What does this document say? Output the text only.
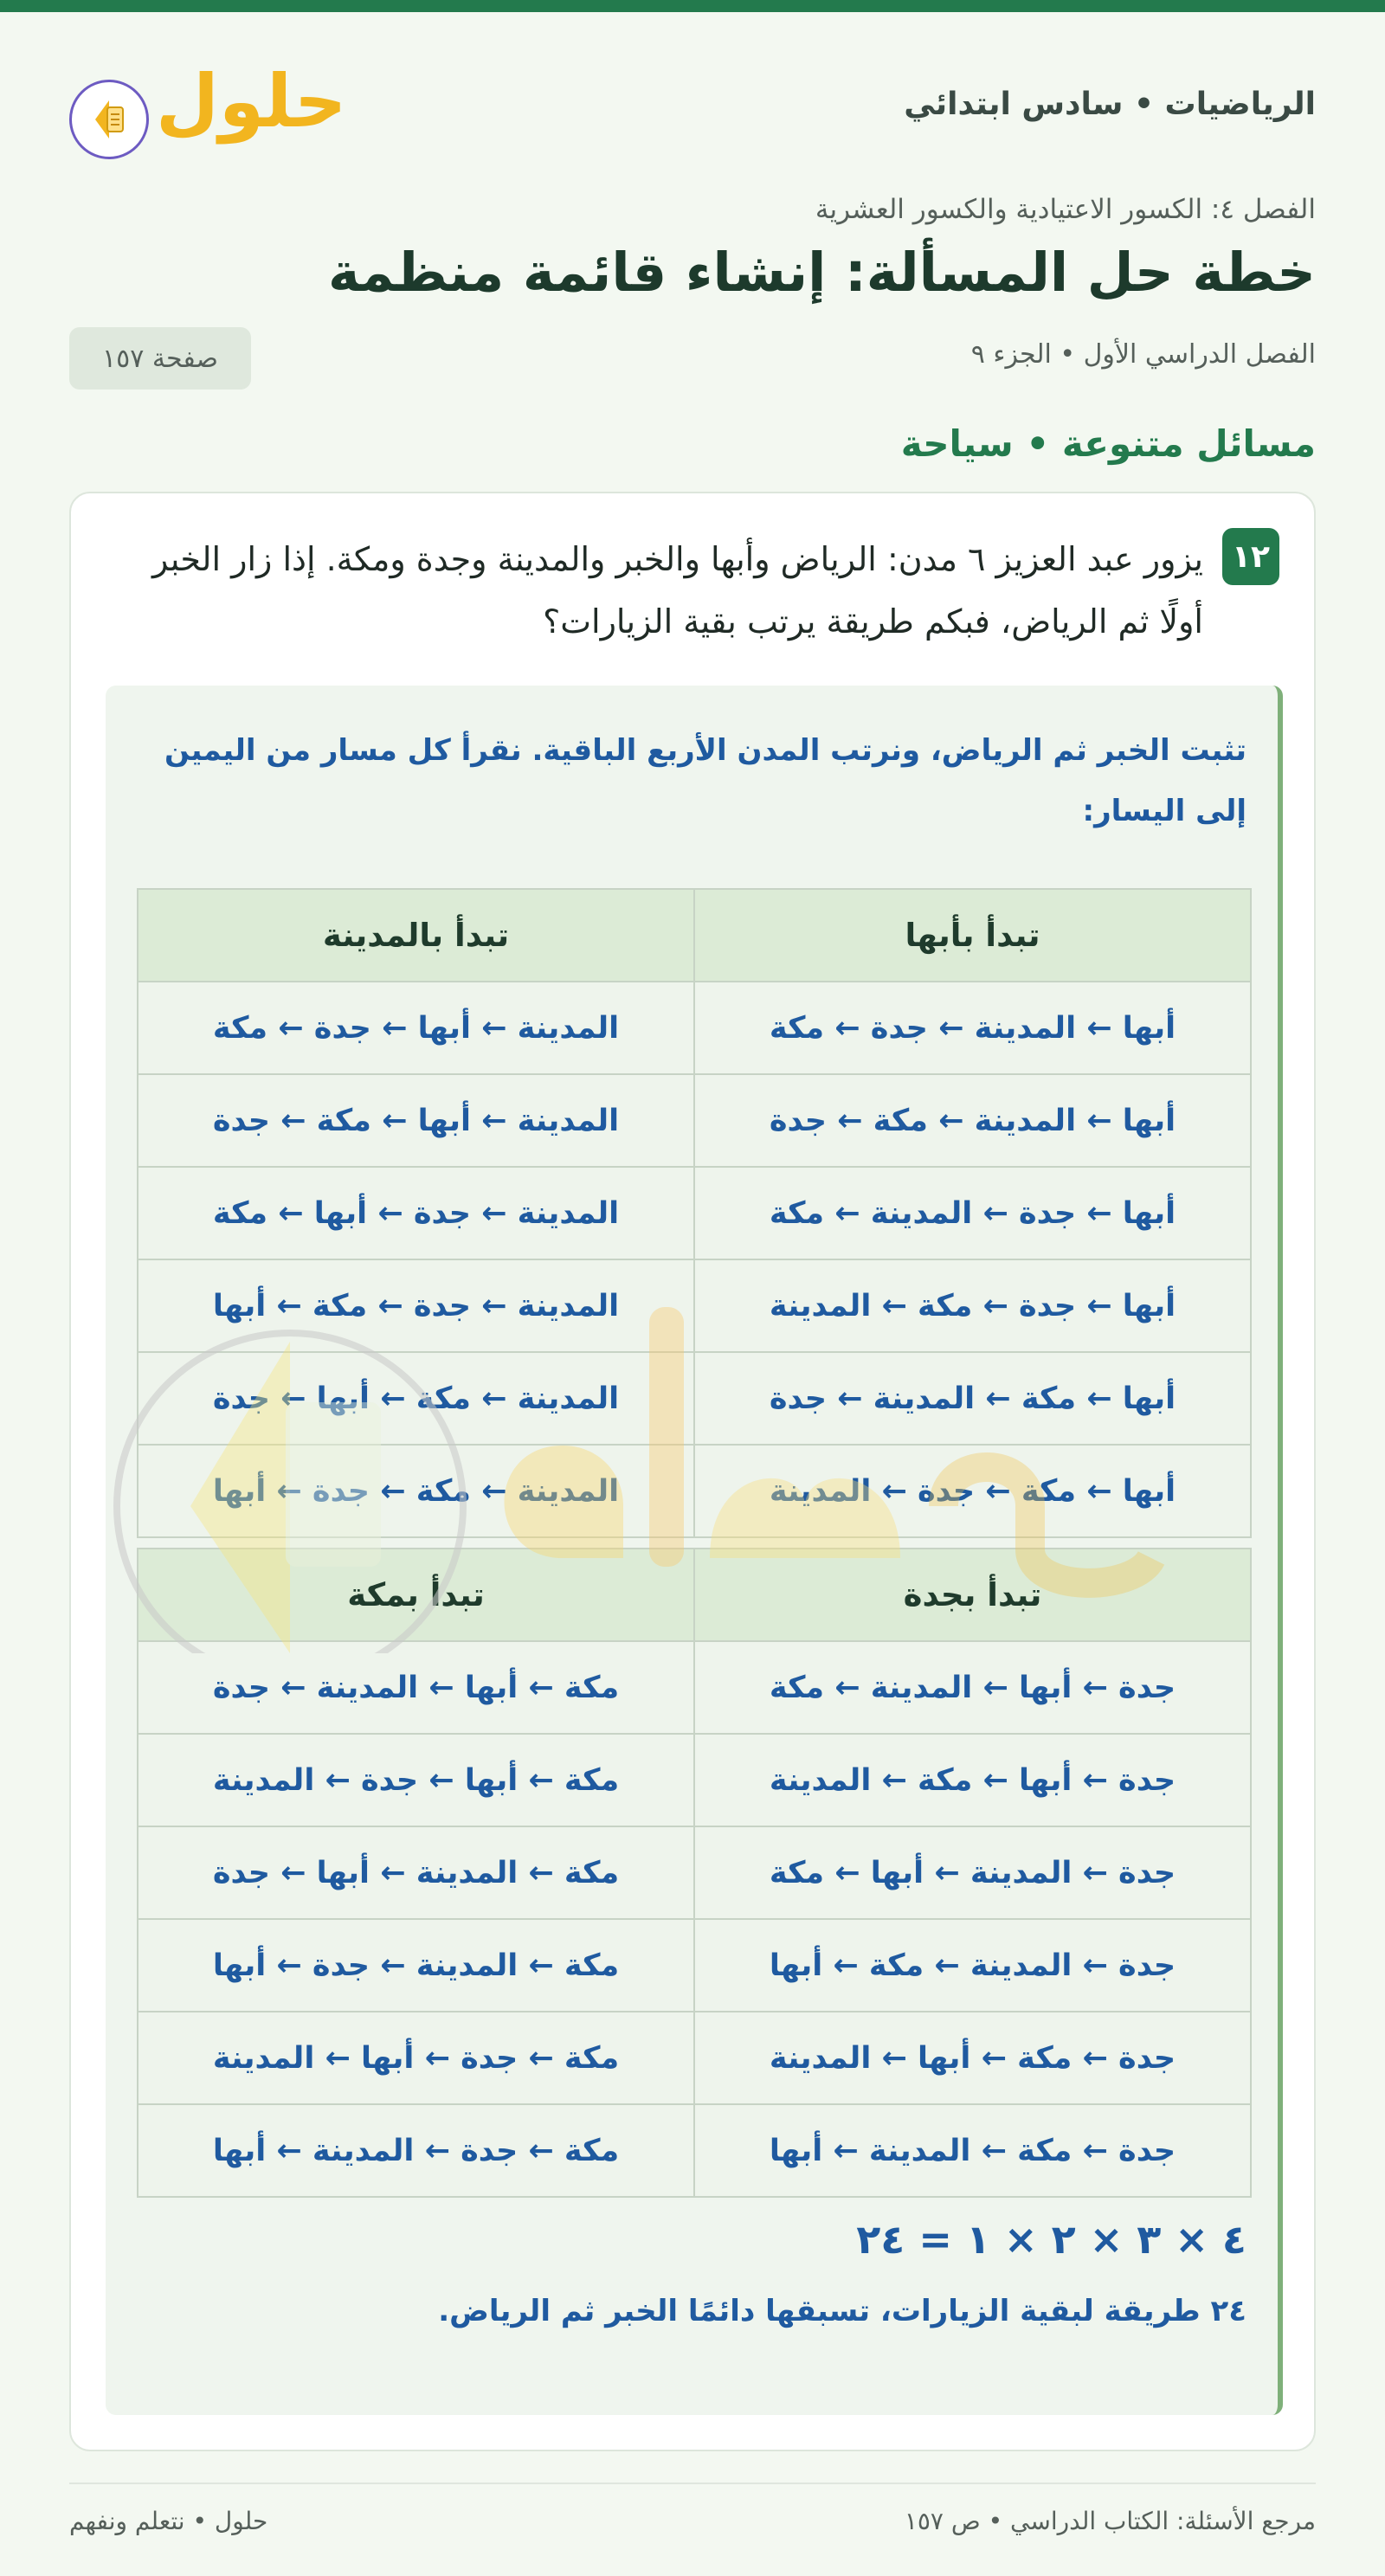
الرياضيات • سادس ابتدائي
حلول
الفصل ٤: الكسور الاعتيادية والكسور العشرية
خطة حل المسألة: إنشاء قائمة منظمة
الفصل الدراسي الأول • الجزء ٩
صفحة ١٥٧
مسائل متنوعة • سياحة
١٢
يزور عبد العزيز ٦ مدن: الرياض وأبها والخبر والمدينة وجدة ومكة. إذا زار الخبر أولًا ثم الرياض، فبكم طريقة يرتب بقية الزيارات؟
تثبت الخبر ثم الرياض، ونرتب المدن الأربع الباقية. نقرأ كل مسار من اليمين إلى اليسار:
تبدأ بأبها	تبدأ بالمدينة
أبها ← المدينة ← جدة ← مكة	المدينة ← أبها ← جدة ← مكة
أبها ← المدينة ← مكة ← جدة	المدينة ← أبها ← مكة ← جدة
أبها ← جدة ← المدينة ← مكة	المدينة ← جدة ← أبها ← مكة
أبها ← جدة ← مكة ← المدينة	المدينة ← جدة ← مكة ← أبها
أبها ← مكة ← المدينة ← جدة	المدينة ← مكة ← أبها ← جدة
أبها ← مكة ← جدة ← المدينة	المدينة ← مكة ← جدة ← أبها
تبدأ بجدة	تبدأ بمكة
جدة ← أبها ← المدينة ← مكة	مكة ← أبها ← المدينة ← جدة
جدة ← أبها ← مكة ← المدينة	مكة ← أبها ← جدة ← المدينة
جدة ← المدينة ← أبها ← مكة	مكة ← المدينة ← أبها ← جدة
جدة ← المدينة ← مكة ← أبها	مكة ← المدينة ← جدة ← أبها
جدة ← مكة ← أبها ← المدينة	مكة ← جدة ← أبها ← المدينة
جدة ← مكة ← المدينة ← أبها	مكة ← جدة ← المدينة ← أبها
٤ × ٣ × ٢ × ١ = ٢٤
٢٤ طريقة لبقية الزيارات، تسبقها دائمًا الخبر ثم الرياض.
مرجع الأسئلة: الكتاب الدراسي • ص ١٥٧
حلول • نتعلم ونفهم
